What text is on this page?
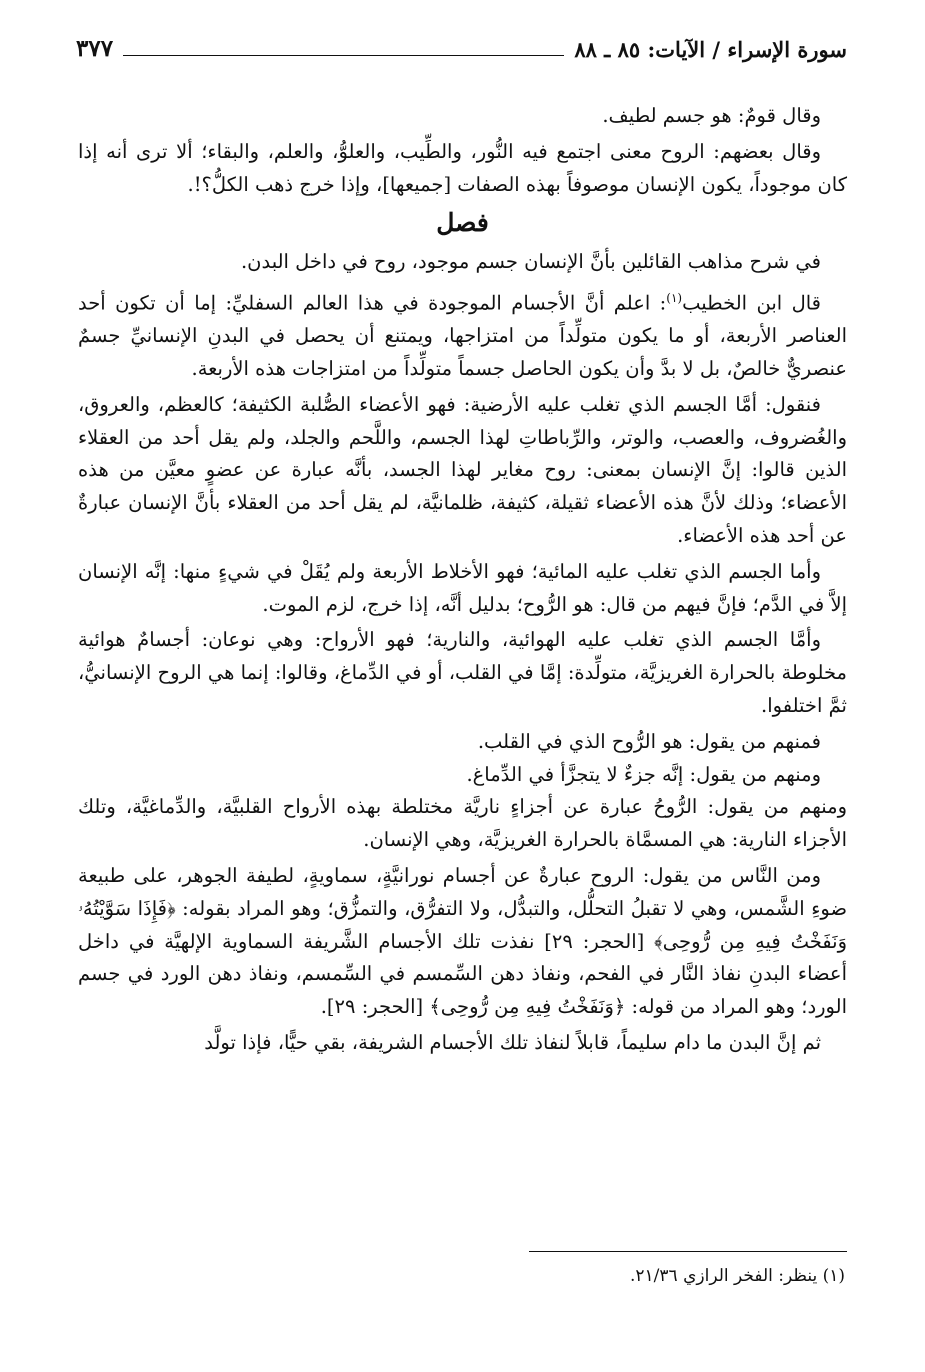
سورة الإسراء / الآيات: ٨٥ ـ ٨٨
٣٧٧

وقال قومٌ: هو جسم لطيف.

وقال بعضهم: الروح معنى اجتمع فيه النُّور، والطِّيب، والعلوُّ، والعلم، والبقاء؛ ألا ترى أنه إذا كان موجوداً، يكون الإنسان موصوفاً بهذه الصفات [جميعها]، وإذا خرج ذهب الكلُّ؟!.

فصل

في شرح مذاهب القائلين بأنَّ الإنسان جسم موجود، روح في داخل البدن.

قال ابن الخطيب$^{(١)}$: اعلم أنَّ الأجسام الموجودة في هذا العالم السفليِّ: إما أن تكون أحد العناصر الأربعة، أو ما يكون متولِّداً من امتزاجها، ويمتنع أن يحصل في البدنِ الإنسانيِّ جسمٌ عنصريٌّ خالصٌ، بل لا بدَّ وأن يكون الحاصل جسماً متولِّداً من امتزاجات هذه الأربعة.

فنقول: أمَّا الجسم الذي تغلب عليه الأرضية: فهو الأعضاء الصُّلبة الكثيفة؛ كالعظم، والعروق، والغُضروف، والعصب، والوتر، والرِّباطاتِ لهذا الجسم، واللَّحم والجلد، ولم يقل أحد من العقلاء الذين قالوا: إنَّ الإنسان بمعنى: روح مغاير لهذا الجسد، بأنَّه عبارة عن عضوٍ معيَّن من هذه الأعضاء؛ وذلك لأنَّ هذه الأعضاء ثقيلة، كثيفة، ظلمانيَّة، لم يقل أحد من العقلاء بأنَّ الإنسان عبارةٌ عن أحد هذه الأعضاء.

وأما الجسم الذي تغلب عليه المائية؛ فهو الأخلاط الأربعة ولم يُقَلْ في شيءٍ منها: إنَّه الإنسان إلاَّ في الدَّم؛ فإنَّ فيهم من قال: هو الرُّوح؛ بدليل أنَّه، إذا خرج، لزم الموت.

وأمَّا الجسم الذي تغلب عليه الهوائية، والنارية؛ فهو الأرواح: وهي نوعان: أجسامٌ هوائية مخلوطة بالحرارة الغريزيَّة، متولِّدة: إمَّا في القلب، أو في الدِّماغ، وقالوا: إنما هي الروح الإنسانيُّ، ثمَّ اختلفوا.

فمنهم من يقول: هو الرُّوح الذي في القلب.

ومنهم من يقول: إنَّه جزءٌ لا يتجزَّأ في الدِّماغ.

ومنهم من يقول: الرُّوحُ عبارة عن أجزاءٍ ناريَّة مختلطة بهذه الأرواح القلبيَّة، والدِّماغيَّة، وتلك الأجزاء النارية: هي المسمَّاة بالحرارة الغريزيَّة، وهي الإنسان.

ومن النَّاس من يقول: الروح عبارةٌ عن أجسام نورانيَّةٍ، سماويةٍ، لطيفة الجوهر، على طبيعة ضوءِ الشَّمس، وهي لا تقبلُ التحلُّل، والتبدُّل، ولا التفرُّق، والتمزُّق؛ وهو المراد بقوله: ﴿فَإِذَا سَوَّيْتُهُۥ وَنَفَخْتُ فِيهِ مِن رُّوحِى﴾ [الحجر: ٢٩] نفذت تلك الأجسام الشَّريفة السماوية الإلهيَّة في داخل أعضاء البدنِ نفاذ النَّار في الفحم، ونفاذ دهن السِّمسم في السِّمسم، ونفاذ دهن الورد في جسم الورد؛ وهو المراد من قوله: ﴿وَنَفَخْتُ فِيهِ مِن رُّوحِى﴾ [الحجر: ٢٩].

ثم إنَّ البدن ما دام سليماً، قابلاً لنفاذ تلك الأجسام الشريفة، بقي حيًّا، فإذا تولَّد

(١) ينظر: الفخر الرازي ٢١/٣٦.
